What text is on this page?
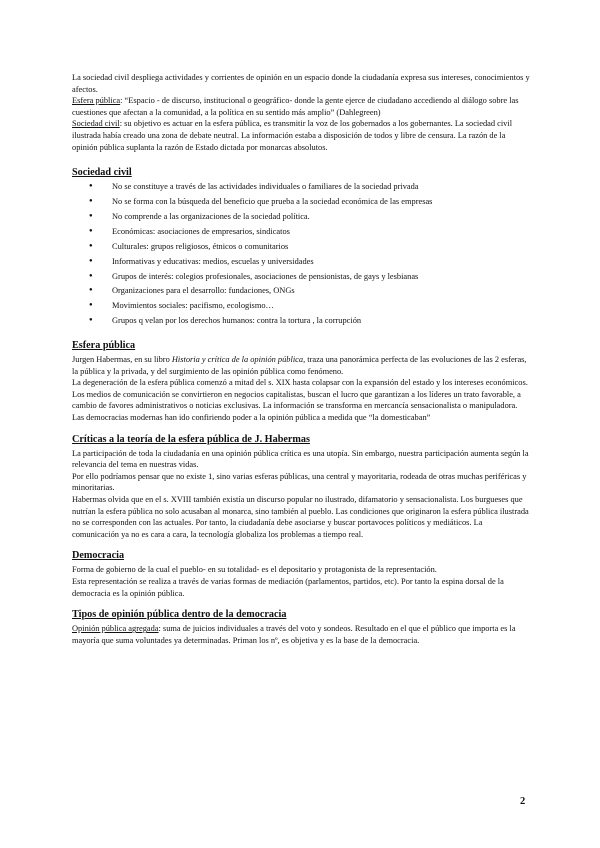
La sociedad civil despliega actividades y corrientes de opinión en un espacio donde la ciudadanía expresa sus intereses, conocimientos y afectos.

Esfera pública: “Espacio - de discurso, institucional o geográfico- donde la gente ejerce de ciudadano accediendo al diálogo sobre las cuestiones que afectan a la comunidad, a la política en su sentido más amplio” (Dahlegreen)

Sociedad civil: su objetivo es actuar en la esfera pública, es transmitir la voz de los gobernados a los gobernantes. La sociedad civil ilustrada había creado una zona de debate neutral. La información estaba a disposición de todos y libre de censura. La razón de la opinión pública suplanta la razón de Estado dictada por monarcas absolutos.

Sociedad civil

● No se constituye a través de las actividades individuales o familiares de la sociedad privada
● No se forma con la búsqueda del beneficio que prueba a la sociedad económica de las empresas
● No comprende a las organizaciones de la sociedad política.
● Económicas: asociaciones de empresarios, sindicatos
● Culturales: grupos religiosos, étnicos o comunitarios
● Informativas y educativas: medios, escuelas y universidades
● Grupos de interés: colegios profesionales, asociaciones de pensionistas, de gays y lesbianas
● Organizaciones para el desarrollo: fundaciones, ONGs
● Movimientos sociales: pacifismo, ecologismo…
● Grupos q velan por los derechos humanos: contra la tortura , la corrupción

Esfera pública

Jurgen Habermas, en su libro Historia y crítica de la opinión pública, traza una panorámica perfecta de las evoluciones de las 2 esferas, la pública y la privada, y del surgimiento de las opinión pública como fenómeno.

La degeneración de la esfera pública comenzó a mitad del s. XIX hasta colapsar con la expansión del estado y los intereses económicos.

Los medios de comunicación se convirtieron en negocios capitalistas, buscan el lucro que garantizan a los líderes un trato favorable, a cambio de favores administrativos o noticias exclusivas. La información se transforma en mercancía sensacionalista o manipuladora.

Las democracias modernas han ido confiriendo poder a la opinión pública a medida que “la domesticaban”

Críticas a la teoría de la esfera pública de J. Habermas

La participación de toda la ciudadanía en una opinión pública crítica es una utopía. Sin embargo, nuestra participación aumenta según la relevancia del tema en nuestras vidas.

Por ello podríamos pensar que no existe 1, sino varias esferas públicas, una central y mayoritaria, rodeada de otras muchas periféricas y minoritarias.

Habermas olvida que en el s. XVIII también existía un discurso popular no ilustrado, difamatorio y sensacionalista. Los burgueses que nutrían la esfera pública no solo acusaban al monarca, sino también al pueblo. Las condiciones que originaron la esfera pública ilustrada no se corresponden con las actuales. Por tanto, la ciudadanía debe asociarse y buscar portavoces políticos y mediáticos. La comunicación ya no es cara a cara, la tecnología globaliza los problemas a tiempo real.

Democracia

Forma de gobierno de la cual el pueblo- en su totalidad- es el depositario y protagonista de la representación.

Esta representación se realiza a través de varias formas de mediación (parlamentos, partidos, etc). Por tanto la espina dorsal de la democracia es la opinión pública.

Tipos de opinión pública dentro de la democracia

Opinión pública agregada: suma de juicios individuales a través del voto y sondeos. Resultado en el que el público que importa es la mayoría que suma voluntades ya determinadas. Priman los nº, es objetiva y es la base de la democracia.

2
